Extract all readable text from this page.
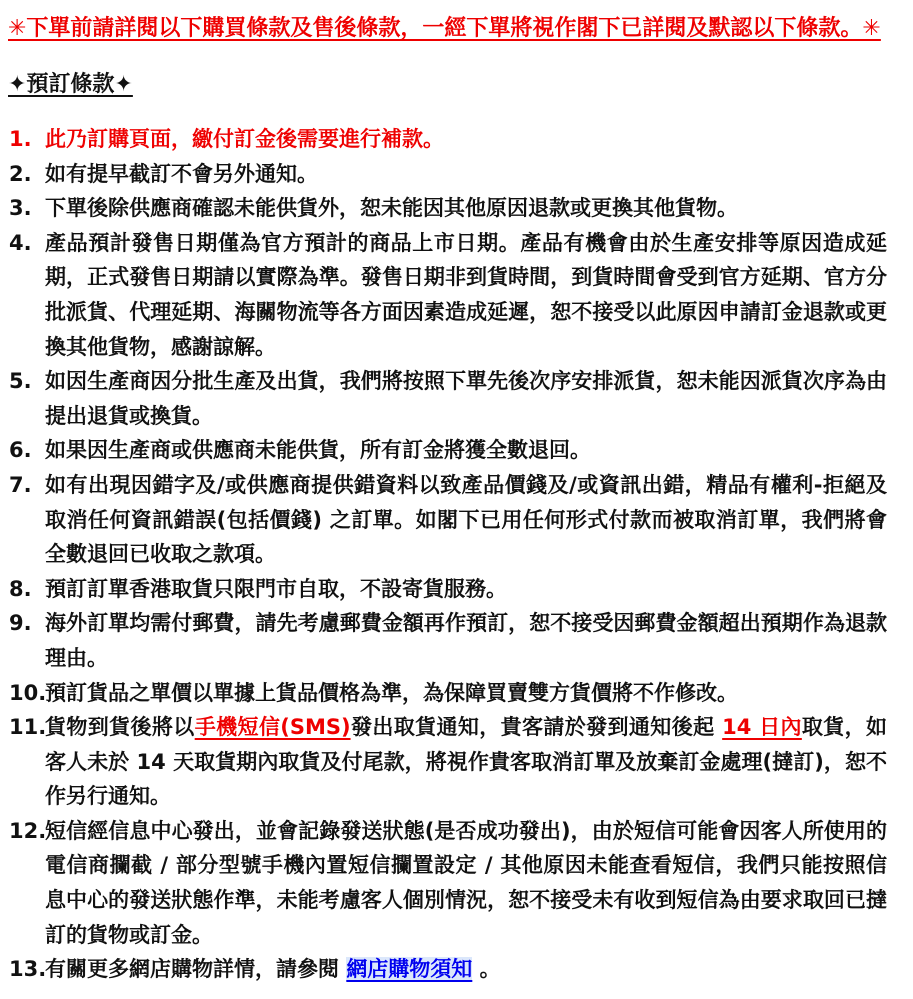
✳︎下單前請詳閱以下購買條款及售後條款，一經下單將視作閣下已詳閱及默認以下條款。✳︎
✦預訂條款✦
1. 此乃訂購頁面，繳付訂金後需要進行補款。
2. 如有提早截訂不會另外通知。
3. 下單後除供應商確認未能供貨外，恕未能因其他原因退款或更換其他貨物。
4. 產品預計發售日期僅為官方預計的商品上市日期。產品有機會由於生產安排等原因造成延期，正式發售日期請以實際為準。發售日期非到貨時間，到貨時間會受到官方延期、官方分批派貨、代理延期、海關物流等各方面因素造成延遲，恕不接受以此原因申請訂金退款或更換其他貨物，感謝諒解。
5. 如因生產商因分批生產及出貨，我們將按照下單先後次序安排派貨，恕未能因派貨次序為由提出退貨或換貨。
6. 如果因生產商或供應商未能供貨，所有訂金將獲全數退回。
7. 如有出現因錯字及/或供應商提供錯資料以致產品價錢及/或資訊出錯，精品有權利-拒絕及取消任何資訊錯誤(包括價錢) 之訂單。如閣下已用任何形式付款而被取消訂單，我們將會全數退回已收取之款項。
8. 預訂訂單香港取貨只限門市自取，不設寄貨服務。
9. 海外訂單均需付郵費，請先考慮郵費金額再作預訂，恕不接受因郵費金額超出預期作為退款理由。
10.
預訂貨品之單價以單據上貨品價格為準，為保障買賣雙方貨價將不作修改。
11.
貨物到貨後將以手機短信(SMS)發出取貨通知，貴客請於發到通知後起 14 日內取貨，如客人未於 14 天取貨期內取貨及付尾款，將視作貴客取消訂單及放棄訂金處理(撻訂)，恕不作另行通知。
12.
短信經信息中心發出，並會記錄發送狀態(是否成功發出)，由於短信可能會因客人所使用的電信商攔截 / 部分型號手機內置短信攔置設定 / 其他原因未能查看短信，我們只能按照信息中心的發送狀態作準，未能考慮客人個別情況，恕不接受未有收到短信為由要求取回已撻訂的貨物或訂金。
13.
有關更多網店購物詳情，請參閱 網店購物須知 。
